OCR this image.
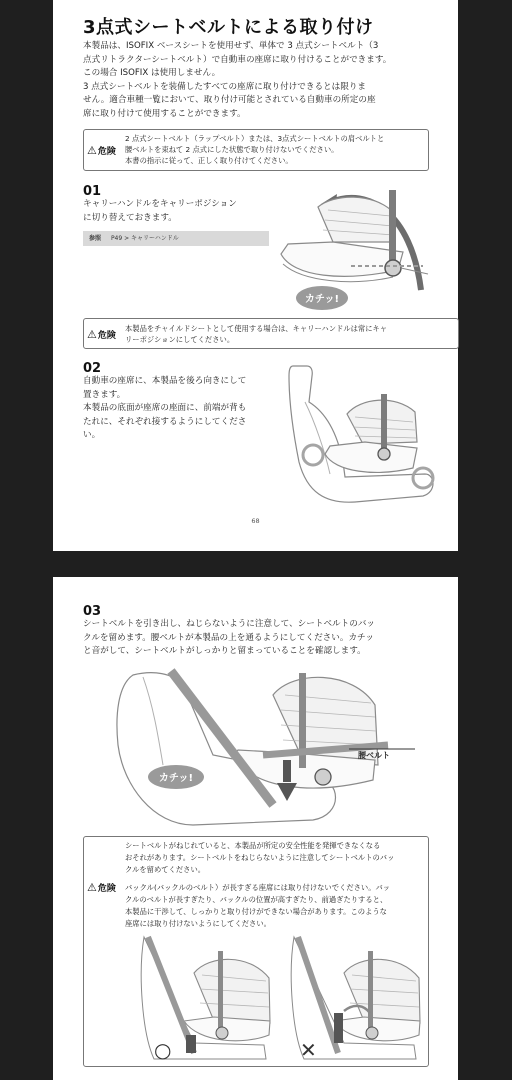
3点式シートベルトによる取り付け
本製品は、ISOFIX ベースシートを使用せず、単体で 3 点式シートベルト（3
点式リトラクターシートベルト）で自動車の座席に取り付けることができます。
この場合 ISOFIX は使用しません。
3 点式シートベルトを装備したすべての座席に取り付けできるとは限りま
せん。適合車種一覧において、取り付け可能とされている自動車の所定の座
席に取り付けて使用することができます。
⚠ 危険
2 点式シートベルト（ラップベルト）または、3点式シートベルトの肩ベルトと
腰ベルトを束ねて 2 点式にした状態で取り付けないでください。
本書の指示に従って、正しく取り付けてください。
01
キャリーハンドルをキャリーポジション
に切り替えておきます。
参照 P49 > キャリーハンドル
カチッ!
⚠ 危険
本製品をチャイルドシートとして使用する場合は、キャリーハンドルは常にキャ
リーポジションにしてください。
02
自動車の座席に、本製品を後ろ向きにして
置きます。
本製品の底面が座席の座面に、前端が背も
たれに、それぞれ接するようにしてくださ
い。
68
03
シートベルトを引き出し、ねじらないように注意して、シートベルトのバッ
クルを留めます。腰ベルトが本製品の上を通るようにしてください。カチッ
と音がして、シートベルトがしっかりと留まっていることを確認します。
カチッ!
腰ベルト
⚠ 危険
シートベルトがねじれていると、本製品が所定の安全性能を発揮できなくなる
おそれがあります。シートベルトをねじらないように注意してシートベルトのバッ
クルを留めてください。
バックル(バックルのベルト）が長すぎる座席には取り付けないでください。バッ
クルのベルトが長すぎたり、バックルの位置が高すぎたり、前過ぎたりすると、
本製品に干渉して、しっかりと取り付けができない場合があります。このような
座席には取り付けないようにしてください。
○	✕
